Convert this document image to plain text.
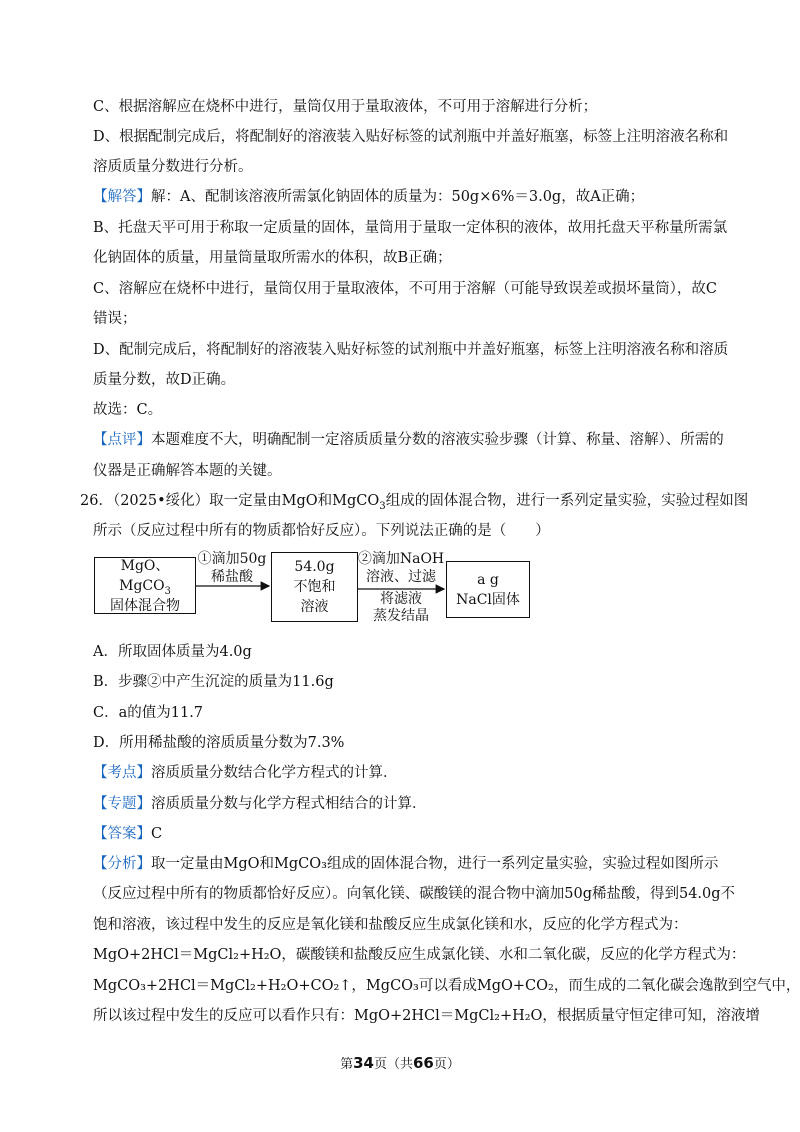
C、根据溶解应在烧杯中进行，量筒仅用于量取液体，不可用于溶解进行分析；
D、根据配制完成后，将配制好的溶液装入贴好标签的试剂瓶中并盖好瓶塞，标签上注明溶液名称和
溶质质量分数进行分析。
【解答】解：A、配制该溶液所需氯化钠固体的质量为：50g×6%＝3.0g，故A正确；
B、托盘天平可用于称取一定质量的固体，量筒用于量取一定体积的液体，故用托盘天平称量所需氯
化钠固体的质量，用量筒量取所需水的体积，故B正确；
C、溶解应在烧杯中进行，量筒仅用于量取液体，不可用于溶解（可能导致误差或损坏量筒），故C
错误；
D、配制完成后，将配制好的溶液装入贴好标签的试剂瓶中并盖好瓶塞，标签上注明溶液名称和溶质
质量分数，故D正确。
故选：C。
【点评】本题难度不大，明确配制一定溶质质量分数的溶液实验步骤（计算、称量、溶解）、所需的
仪器是正确解答本题的关键。
26．（2025•绥化）取一定量由MgO和MgCO$_3$组成的固体混合物，进行一系列定量实验，实验过程如图
所示（反应过程中所有的物质都恰好反应）。下列说法正确的是（　　）
MgO、MgCO$_3$
固体混合物
54.0g
不饱和
溶液
a g
NaCl固体
①滴加50g
稀盐酸
②滴加NaOH
溶液、过滤
将滤液
蒸发结晶
A．所取固体质量为4.0g
B．步骤②中产生沉淀的质量为11.6g
C．a的值为11.7
D．所用稀盐酸的溶质质量分数为7.3%
【考点】溶质质量分数结合化学方程式的计算．
【专题】溶质质量分数与化学方程式相结合的计算．
【答案】C
【分析】取一定量由MgO和MgCO₃组成的固体混合物，进行一系列定量实验，实验过程如图所示
（反应过程中所有的物质都恰好反应）。向氧化镁、碳酸镁的混合物中滴加50g稀盐酸，得到54.0g不
饱和溶液，该过程中发生的反应是氧化镁和盐酸反应生成氯化镁和水，反应的化学方程式为：
MgO+2HCl＝MgCl₂+H₂O，碳酸镁和盐酸反应生成氯化镁、水和二氧化碳，反应的化学方程式为：
MgCO₃+2HCl＝MgCl₂+H₂O+CO₂↑，MgCO₃可以看成MgO+CO₂，而生成的二氧化碳会逸散到空气中，
所以该过程中发生的反应可以看作只有：MgO+2HCl＝MgCl₂+H₂O，根据质量守恒定律可知，溶液增
第34页（共66页）
